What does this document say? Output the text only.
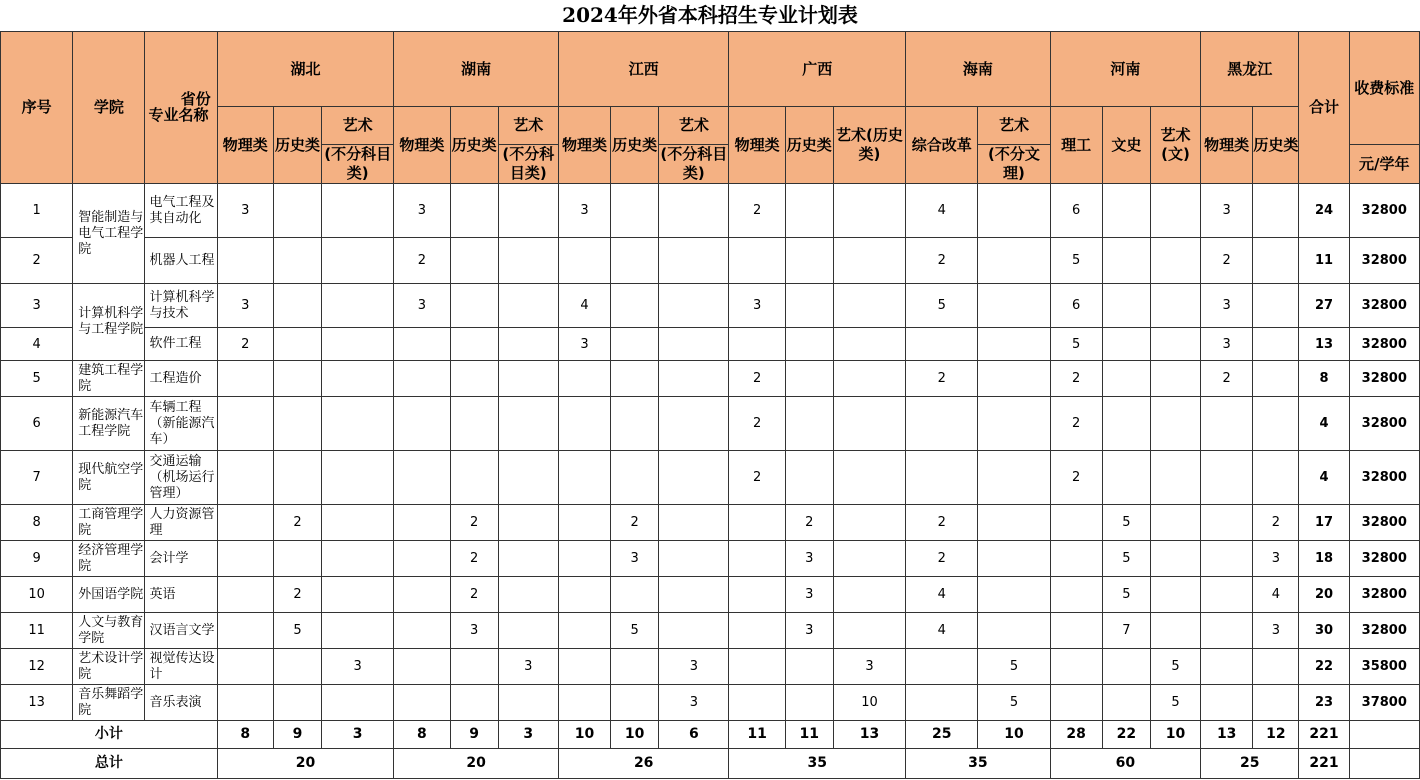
2024年外省本科招生专业计划表
序号	学院	省份
专业名称	湖北			湖南			江西			广西			海南		河南			黑龙江		合计	收费标准
			物理类	历史类	艺术	物理类	历史类	艺术	物理类	历史类	艺术	物理类	历史类	艺术(历史类)	综合改革	艺术	理工	文史	艺术(文)	物理类	历史类		
					(不分科目类)			(不分科目类)			(不分科目类)					(不分文理)							元/学年
1	智能制造与电气工程学院	电气工程及其自动化	3			3			3			2			4		6			3		24	32800
2		机器人工程				2									2		5			2		11	32800
3	计算机科学与工程学院	计算机科学与技术	3			3			4			3			5		6			3		27	32800
4		软件工程	2						3								5			3		13	32800
5	建筑工程学院	工程造价										2			2		2			2		8	32800
6	新能源汽车工程学院	车辆工程（新能源汽车）										2					2					4	32800
7	现代航空学院	交通运输（机场运行管理）										2					2					4	32800
8	工商管理学院	人力资源管理		2			2			2			2		2			5			2	17	32800
9	经济管理学院	会计学					2			3			3		2			5			3	18	32800
10	外国语学院	英语		2			2						3		4			5			4	20	32800
11	人文与教育学院	汉语言文学		5			3			5			3		4			7			3	30	32800
12	艺术设计学院	视觉传达设计			3			3			3			3		5			5			22	35800
13	音乐舞蹈学院	音乐表演									3			10		5			5			23	37800
小计			8	9	3	8	9	3	10	10	6	11	11	13	25	10	28	22	10	13	12	221	
总计			20			20			26			35			35		60			25		221	
